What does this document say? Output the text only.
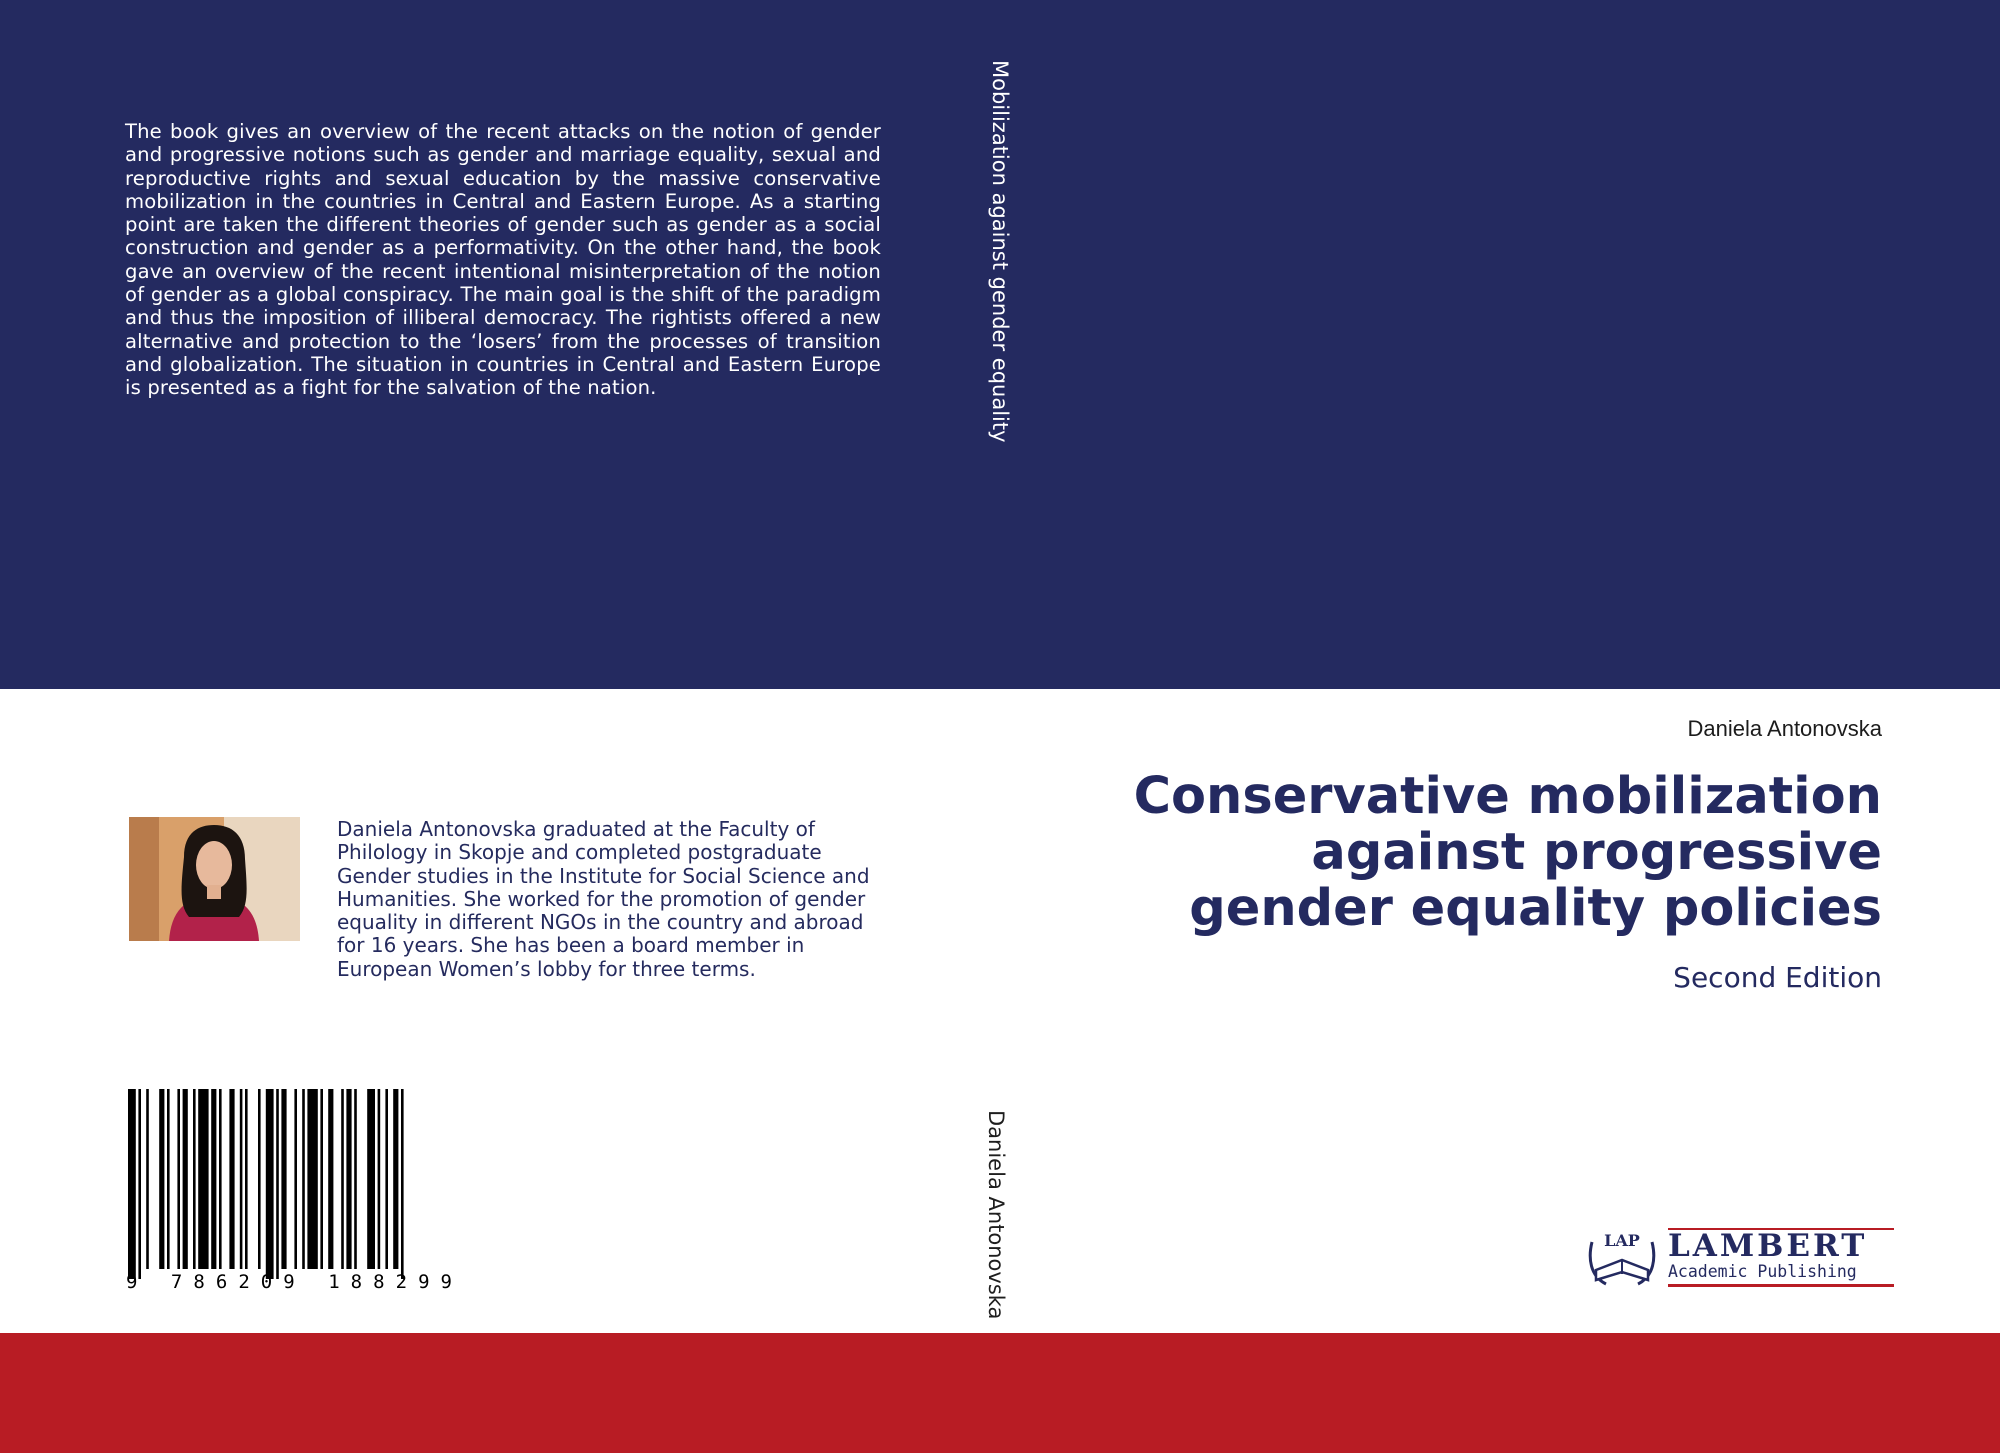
The book gives an overview of the recent attacks on the notion of gender and progressive notions such as gender and marriage equality, sexual and reproductive rights and sexual education by the massive conservative mobilization in the countries in Central and Eastern Europe. As a starting point are taken the different theories of gender such as gender as a social construction and gender as a performativity. On the other hand, the book gave an overview of the recent intentional misinterpretation of the notion of gender as a global conspiracy. The main goal is the shift of the paradigm and thus the imposition of illiberal democracy. The rightists offered a new alternative and protection to the ‘losers’ from the processes of transition and globalization. The situation in countries in Central and Eastern Europe is presented as a fight for the salvation of the nation.	Mobilization against gender equality
Daniela Antonovska
Daniela Antonovska graduated at the Faculty of Philology in Skopje and completed postgraduate Gender studies in the Institute for Social Science and Humanities. She worked for the promotion of gender equality in different NGOs in the country and abroad for 16 years. She has been a board member in European Women’s lobby for three terms.
9 786209 188299
Daniela Antonovska
Conservative mobilization against progressive gender equality policies
Second Edition
LAP LAMBERT
Academic Publishing
